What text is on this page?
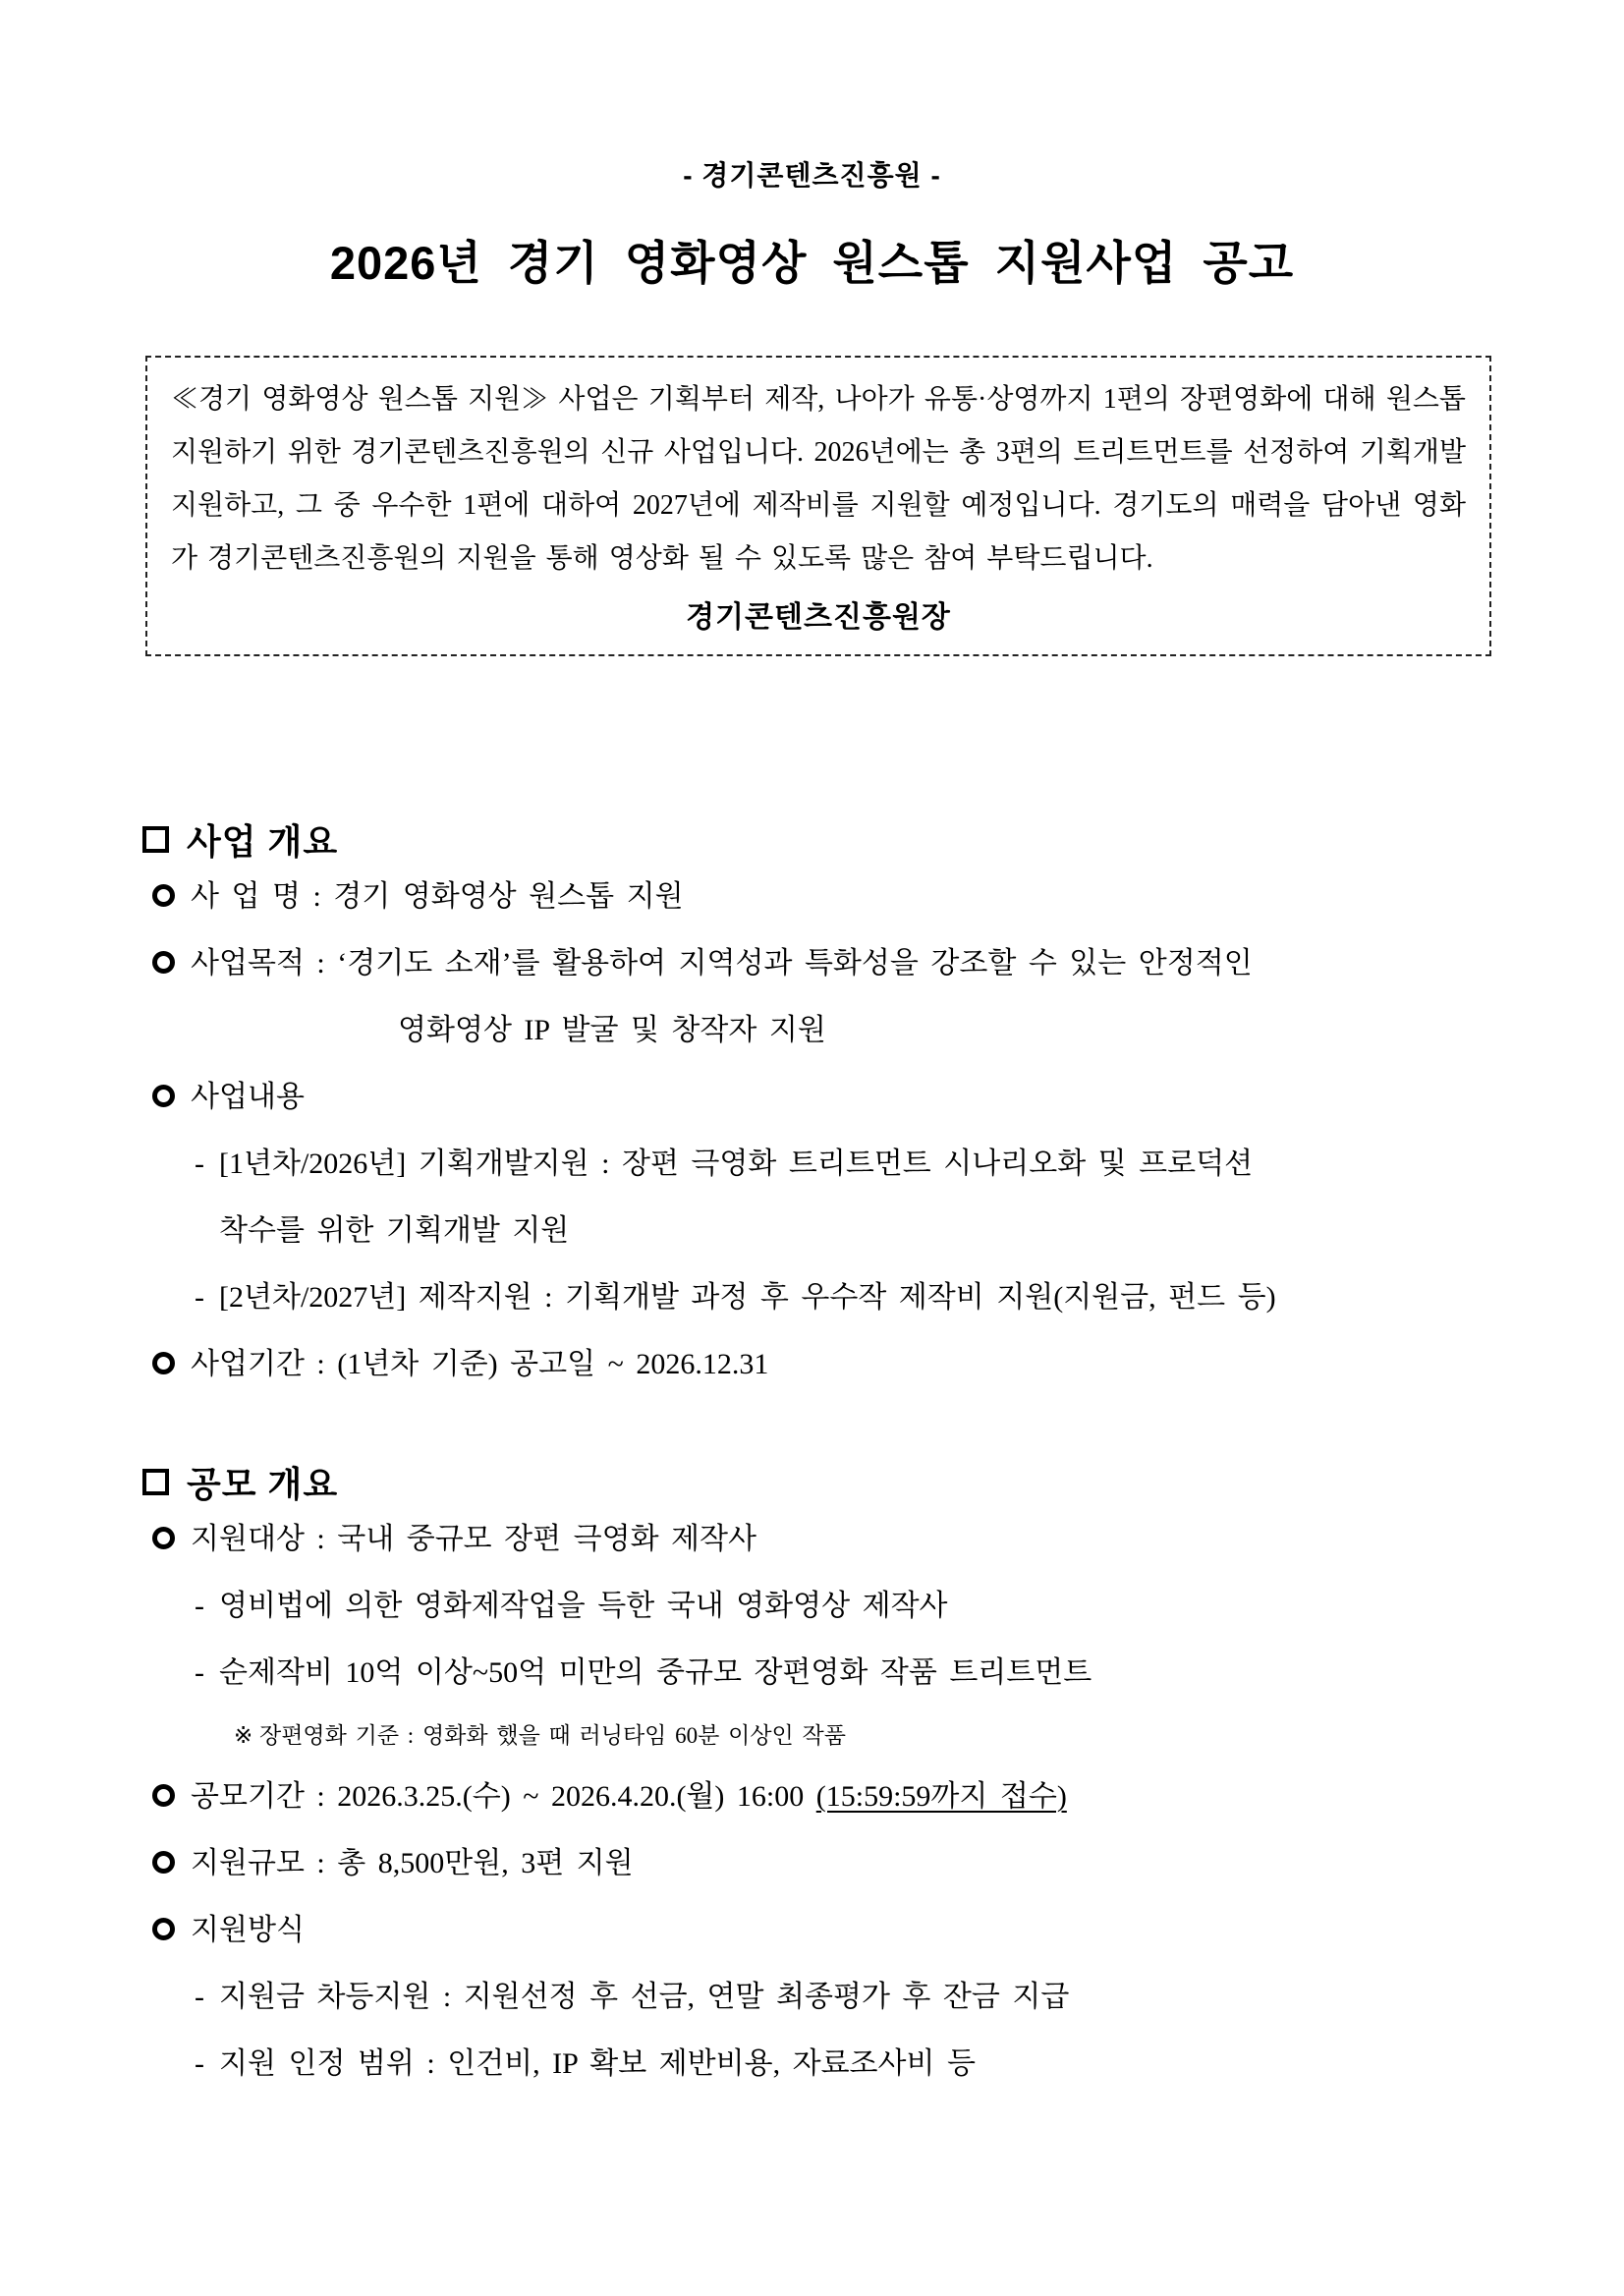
- 경기콘텐츠진흥원 -
2026년 경기 영화영상 원스톱 지원사업 공고
≪경기 영화영상 원스톱 지원≫ 사업은 기획부터 제작, 나아가 유통·상영까지 1편의 장편영화에 대해 원스톱 지원하기 위한 경기콘텐츠진흥원의 신규 사업입니다. 2026년에는 총 3편의 트리트먼트를 선정하여 기획개발지원하고, 그 중 우수한 1편에 대하여 2027년에 제작비를 지원할 예정입니다. 경기도의 매력을 담아낸 영화가 경기콘텐츠진흥원의 지원을 통해 영상화 될 수 있도록 많은 참여 부탁드립니다.
경기콘텐츠진흥원장
사업 개요
사 업 명 : 경기 영화영상 원스톱 지원
사업목적 : ‘경기도 소재’를 활용하여 지역성과 특화성을 강조할 수 있는 안정적인
영화영상 IP 발굴 및 창작자 지원
사업내용
- [1년차/2026년] 기획개발지원 : 장편 극영화 트리트먼트 시나리오화 및 프로덕션
착수를 위한 기획개발 지원
- [2년차/2027년] 제작지원 : 기획개발 과정 후 우수작 제작비 지원(지원금, 펀드 등)
사업기간 : (1년차 기준) 공고일 ~ 2026.12.31
공모 개요
지원대상 : 국내 중규모 장편 극영화 제작사
- 영비법에 의한 영화제작업을 득한 국내 영화영상 제작사
- 순제작비 10억 이상~50억 미만의 중규모 장편영화 작품 트리트먼트
※ 장편영화 기준 : 영화화 했을 때 러닝타임 60분 이상인 작품
공모기간 : 2026.3.25.(수) ~ 2026.4.20.(월) 16:00 (15:59:59까지 접수)
지원규모 : 총 8,500만원, 3편 지원
지원방식
- 지원금 차등지원 : 지원선정 후 선금, 연말 최종평가 후 잔금 지급
- 지원 인정 범위 : 인건비, IP 확보 제반비용, 자료조사비 등
